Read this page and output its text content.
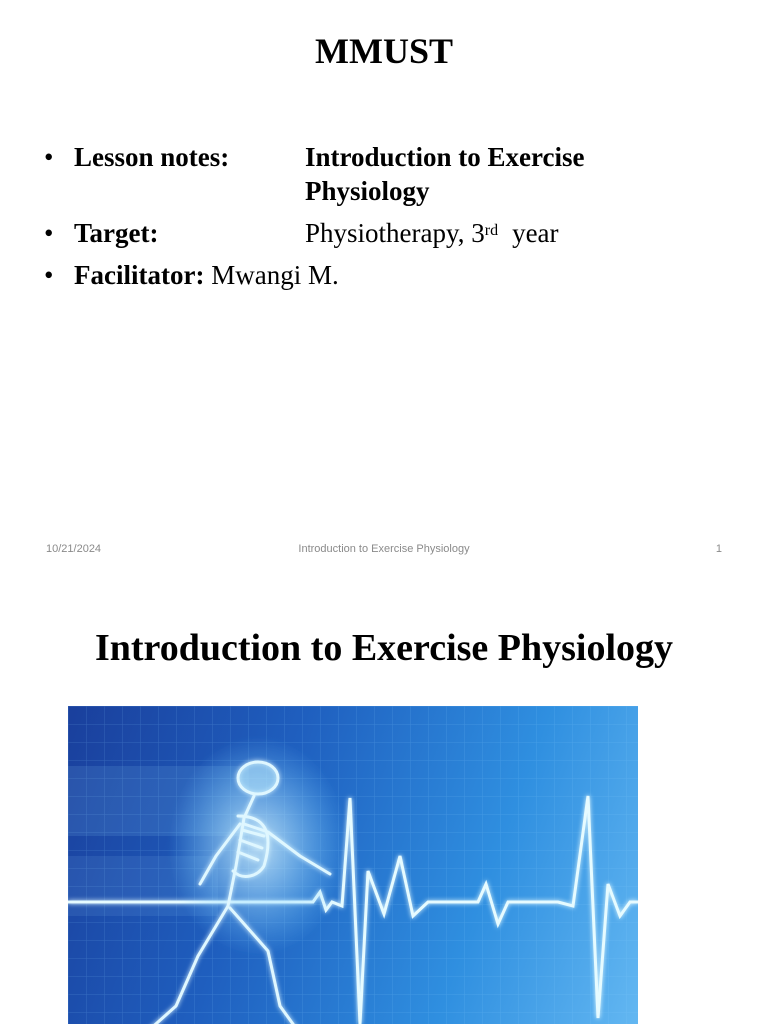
MMUST
• Lesson notes:	Introduction to Exercise
Physiology
• Target:	Physiotherapy, 3rd year
• Facilitator: Mwangi M.
10/21/2024	Introduction to Exercise Physiology	1
Introduction to Exercise Physiology
